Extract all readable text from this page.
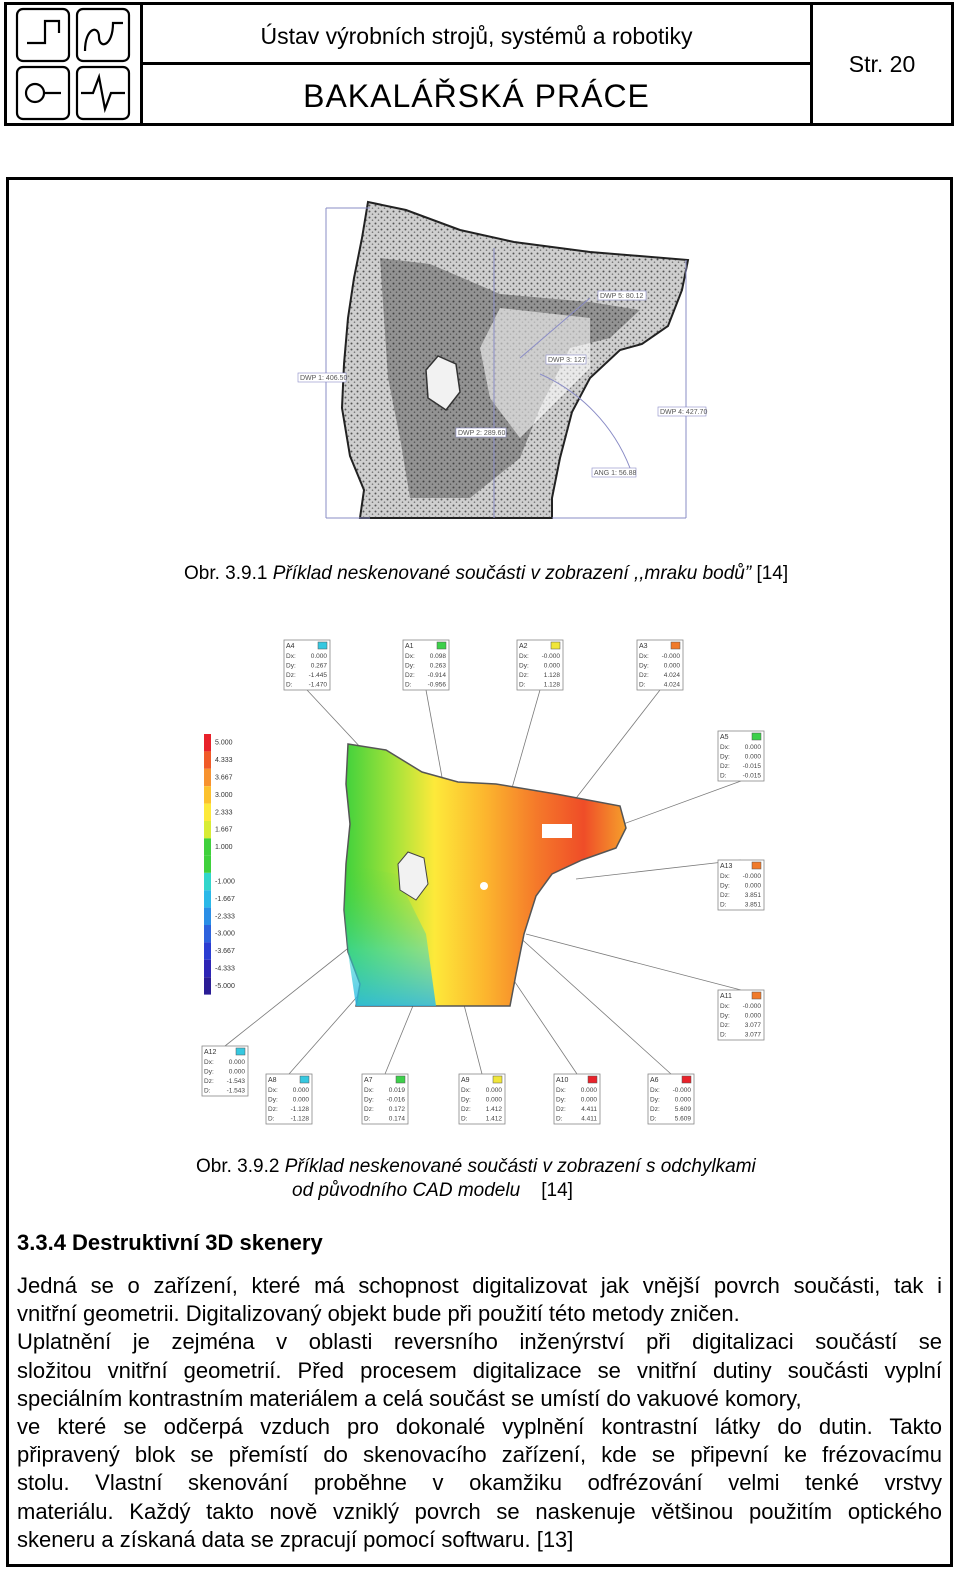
Ústav výrobních strojů, systémů a robotiky
BAKALÁŘSKÁ PRÁCE
Str. 20
DWP 1: 406.50
DWP 5: 80.12
DWP 3: 127
DWP 2: 289.60
DWP 4: 427.70
ANG 1: 56.88
Obr. 3.9.1 Příklad neskenované součásti v zobrazení ,,mraku bodů” [14]
5.000
4.333
3.667
3.000
2.333
1.667
1.000
-1.000
-1.667
-2.333
-3.000
-3.667
-4.333
-5.000
A4
Dx: 0.000
Dy: 0.267
Dz: -1.445
D: -1.470
A1
Dx: 0.098
Dy: 0.263
Dz: -0.914
D: -0.956
A2
Dx: -0.000
Dy: 0.000
Dz: 1.128
D:	1.128
A3
Dx: -0.000
Dy: 0.000
Dz: 4.024
D:	4.024
A5
Dx: 0.000
Dy: 0.000
Dz: -0.015
D: -0.015
A13
Dx: -0.000
Dy: 0.000
Dz: 3.851
D:	3.851
A11
Dx: -0.000
Dy: 0.000
Dz: 3.077
D:	3.077
A12
Dx: 0.000
Dy: 0.000
Dz: -1.543
D: -1.543
A8
Dx: 0.000
Dy: 0.000
Dz: -1.128
D: -1.128
A7
Dx: 0.019
Dy: -0.016
Dz: 0.172
D:	0.174
A9
Dx: 0.000
Dy: 0.000
Dz: 1.412
D:	1.412
A10
Dx: 0.000
Dy: 0.000
Dz: 4.411
D:	4.411
A6
Dx: -0.000
Dy: 0.000
Dz: 5.609
D:	5.609
Obr. 3.9.2 Příklad neskenované součásti v zobrazení s odchylkami
od původního CAD modelu    [14]
3.3.4 Destruktivní 3D skenery

Jedná se o zařízení, které má schopnost digitalizovat jak vnější povrch součásti, tak i

vnitřní geometrii. Digitalizovaný objekt bude při použití této metody zničen.

Uplatnění je zejména v oblasti reversního inženýrství při digitalizaci součástí se

složitou vnitřní geometrií. Před procesem digitalizace se vnitřní dutiny součásti vyplní

speciálním kontrastním materiálem a celá součást se umístí do vakuové komory,

ve které se odčerpá vzduch pro dokonalé vyplnění kontrastní látky do dutin. Takto

připravený blok se přemístí do skenovacího zařízení, kde se připevní ke frézovacímu

stolu. Vlastní skenování proběhne v okamžiku odfrézování velmi tenké vrstvy

materiálu. Každý takto nově vzniklý povrch se naskenuje většinou použitím optického

skeneru a získaná data se zpracují pomocí softwaru. [13]
